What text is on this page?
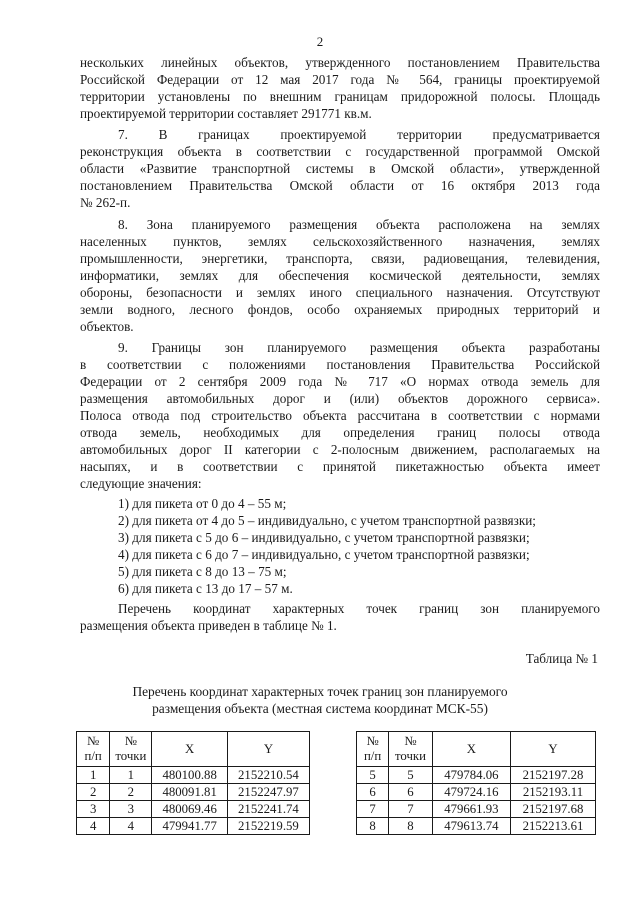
2
нескольких линейных объектов, утвержденного постановлением Правительства
Российской Федерации от 12 мая 2017 года № 564, границы проектируемой
территории установлены по внешним границам придорожной полосы. Площадь
проектируемой территории составляет 291771 кв.м.
7. В границах проектируемой территории предусматривается
реконструкция объекта в соответствии с государственной программой Омской
области «Развитие транспортной системы в Омской области», утвержденной
постановлением Правительства Омской области от 16 октября 2013 года
№ 262-п.
8. Зона планируемого размещения объекта расположена на землях
населенных пунктов, землях сельскохозяйственного назначения, землях
промышленности, энергетики, транспорта, связи, радиовещания, телевидения,
информатики, землях для обеспечения космической деятельности, землях
обороны, безопасности и землях иного специального назначения. Отсутствуют
земли водного, лесного фондов, особо охраняемых природных территорий и
объектов.
9. Границы зон планируемого размещения объекта разработаны
в соответствии с положениями постановления Правительства Российской
Федерации от 2 сентября 2009 года № 717 «О нормах отвода земель для
размещения автомобильных дорог и (или) объектов дорожного сервиса».
Полоса отвода под строительство объекта рассчитана в соответствии с нормами
отвода земель, необходимых для определения границ полосы отвода
автомобильных дорог II категории с 2-полосным движением, располагаемых на
насыпях, и в соответствии с принятой пикетажностью объекта имеет
следующие значения:
1) для пикета от 0 до 4 – 55 м;
2) для пикета от 4 до 5 – индивидуально, с учетом транспортной развязки;
3) для пикета с 5 до 6 – индивидуально, с учетом транспортной развязки;
4) для пикета с 6 до 7 – индивидуально, с учетом транспортной развязки;
5) для пикета с 8 до 13 – 75 м;
6) для пикета с 13 до 17 – 57 м.
Перечень координат характерных точек границ зон планируемого
размещения объекта приведен в таблице № 1.
Таблица № 1
Перечень координат характерных точек границ зон планируемого
размещения объекта (местная система координат МСК-55)
№
п/п	№
точки	X	Y
1	1	480100.88	2152210.54
2	2	480091.81	2152247.97
3	3	480069.46	2152241.74
4	4	479941.77	2152219.59
№
п/п	№
точки	X	Y
5	5	479784.06	2152197.28
6	6	479724.16	2152193.11
7	7	479661.93	2152197.68
8	8	479613.74	2152213.61
